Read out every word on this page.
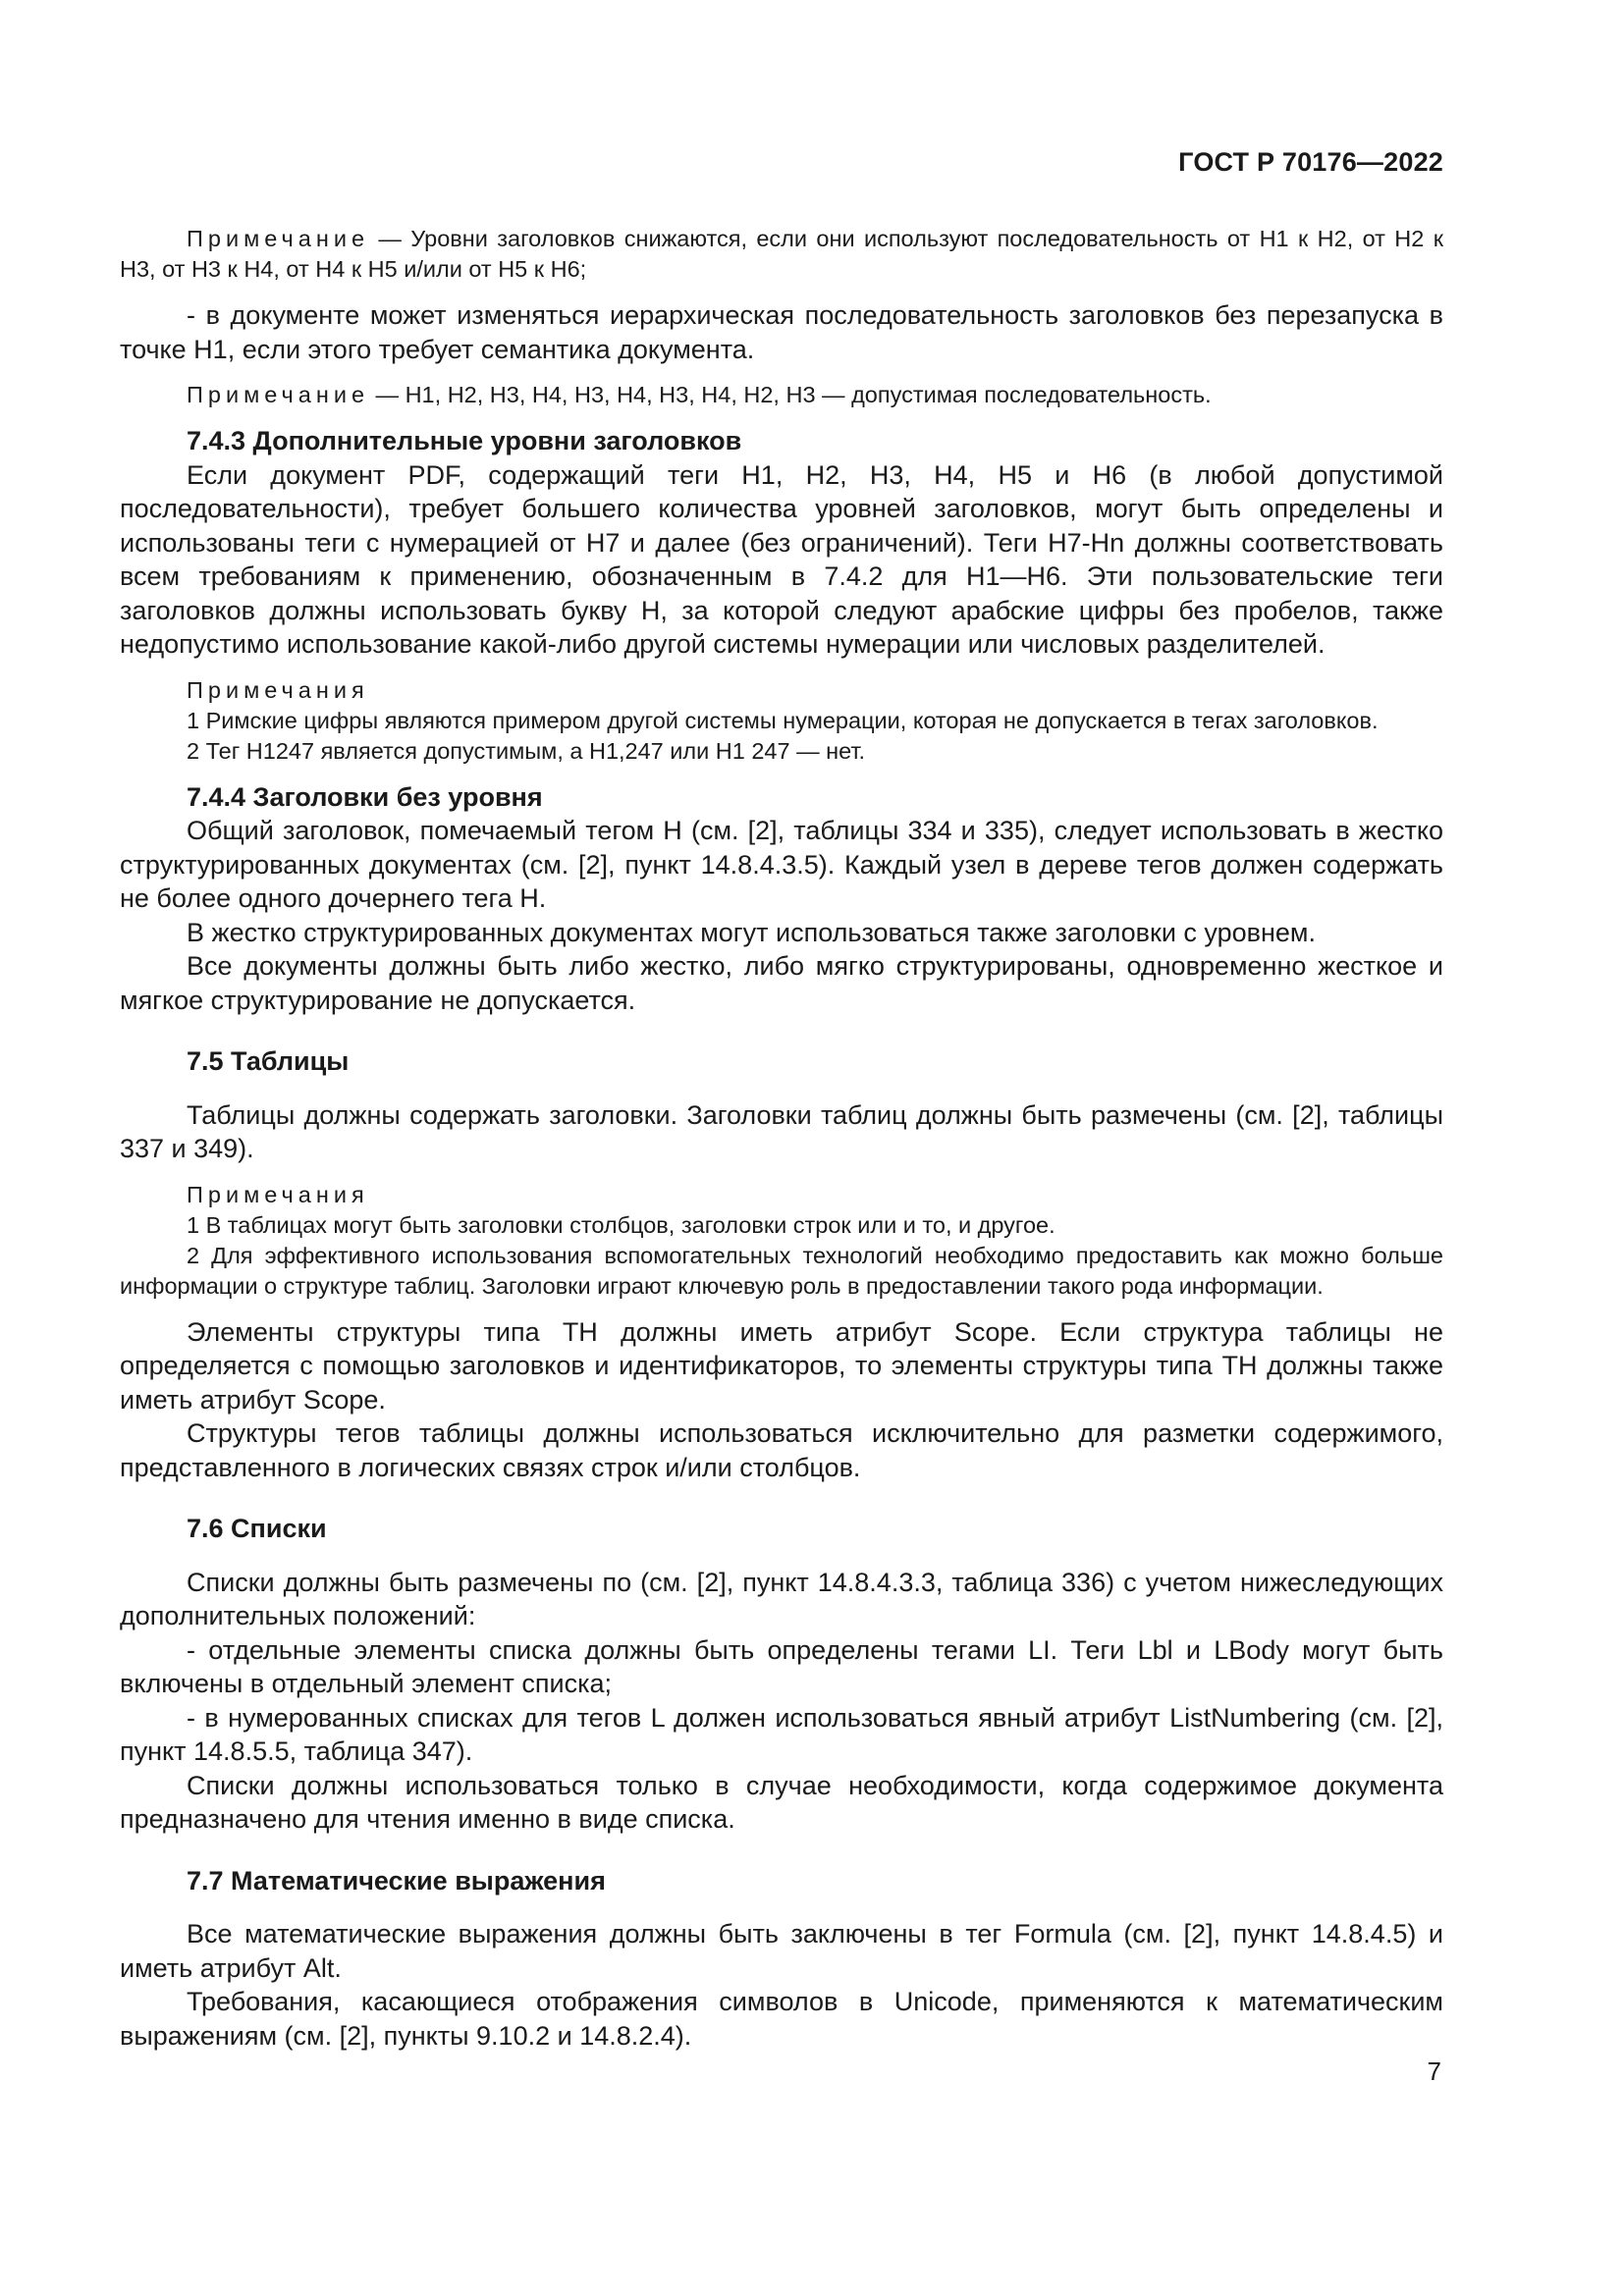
ГОСТ Р 70176—2022

Примечание — Уровни заголовков снижаются, если они используют последовательность от H1 к H2, от H2 к H3, от H3 к H4, от H4 к H5 и/или от H5 к H6;

- в документе может изменяться иерархическая последовательность заголовков без перезапуска в точке H1, если этого требует семантика документа.

Примечание — H1, H2, H3, H4, H3, H4, H3, H4, H2, H3 — допустимая последовательность.

7.4.3 Дополнительные уровни заголовков

Если документ PDF, содержащий теги H1, H2, H3, H4, H5 и H6 (в любой допустимой последовательности), требует большего количества уровней заголовков, могут быть определены и использованы теги с нумерацией от H7 и далее (без ограничений). Теги H7-Hn должны соответствовать всем требованиям к применению, обозначенным в 7.4.2 для H1—H6. Эти пользовательские теги заголовков должны использовать букву H, за которой следуют арабские цифры без пробелов, также недопустимо использование какой-либо другой системы нумерации или числовых разделителей.

Примечания

1 Римские цифры являются примером другой системы нумерации, которая не допускается в тегах заголовков.

2 Тег H1247 является допустимым, а H1,247 или H1 247 — нет.

7.4.4 Заголовки без уровня

Общий заголовок, помечаемый тегом H (см. [2], таблицы 334 и 335), следует использовать в жестко структурированных документах (см. [2], пункт 14.8.4.3.5). Каждый узел в дереве тегов должен содержать не более одного дочернего тега H.

В жестко структурированных документах могут использоваться также заголовки с уровнем.

Все документы должны быть либо жестко, либо мягко структурированы, одновременно жесткое и мягкое структурирование не допускается.

7.5 Таблицы

Таблицы должны содержать заголовки. Заголовки таблиц должны быть размечены (см. [2], таблицы 337 и 349).

Примечания

1 В таблицах могут быть заголовки столбцов, заголовки строк или и то, и другое.

2 Для эффективного использования вспомогательных технологий необходимо предоставить как можно больше информации о структуре таблиц. Заголовки играют ключевую роль в предоставлении такого рода информации.

Элементы структуры типа TH должны иметь атрибут Scope. Если структура таблицы не определяется с помощью заголовков и идентификаторов, то элементы структуры типа TH должны также иметь атрибут Scope.

Структуры тегов таблицы должны использоваться исключительно для разметки содержимого, представленного в логических связях строк и/или столбцов.

7.6 Списки

Списки должны быть размечены по (см. [2], пункт 14.8.4.3.3, таблица 336) с учетом нижеследующих дополнительных положений:

- отдельные элементы списка должны быть определены тегами LI. Теги Lbl и LBody могут быть включены в отдельный элемент списка;

- в нумерованных списках для тегов L должен использоваться явный атрибут ListNumbering (см. [2], пункт 14.8.5.5, таблица 347).

Списки должны использоваться только в случае необходимости, когда содержимое документа предназначено для чтения именно в виде списка.

7.7 Математические выражения

Все математические выражения должны быть заключены в тег Formula (см. [2], пункт 14.8.4.5) и иметь атрибут Alt.

Требования, касающиеся отображения символов в Unicode, применяются к математическим выражениям (см. [2], пункты 9.10.2 и 14.8.2.4).

7
